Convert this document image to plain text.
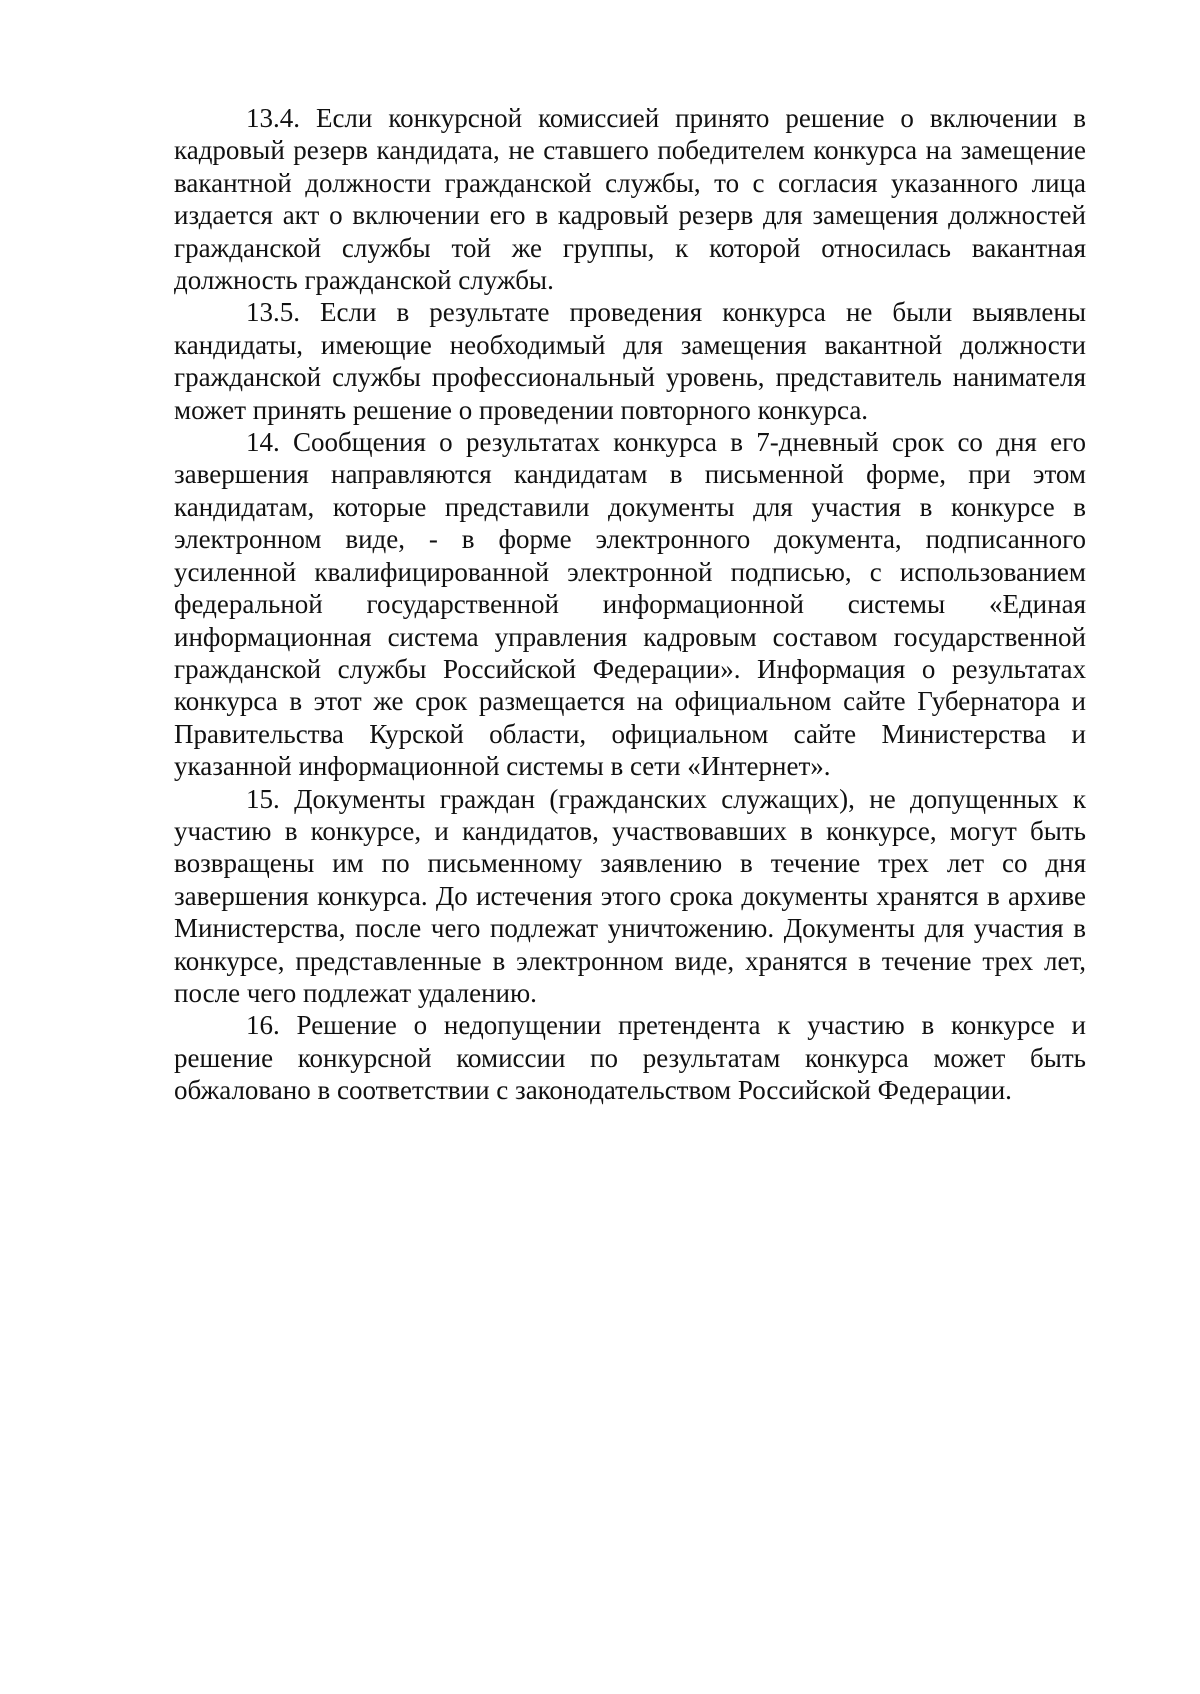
13.4. Если конкурсной комиссией принято решение о включении в кадровый резерв кандидата, не ставшего победителем конкурса на замещение вакантной должности гражданской службы, то с согласия указанного лица издается акт о включении его в кадровый резерв для замещения должностей гражданской службы той же группы, к которой относилась вакантная должность гражданской службы.

13.5. Если в результате проведения конкурса не были выявлены кандидаты, имеющие необходимый для замещения вакантной должности гражданской службы профессиональный уровень, представитель нанимателя может принять решение о проведении повторного конкурса.

14. Сообщения о результатах конкурса в 7-дневный срок со дня его завершения направляются кандидатам в письменной форме, при этом кандидатам, которые представили документы для участия в конкурсе в электронном виде, - в форме электронного документа, подписанного усиленной квалифицированной электронной подписью, с использованием федеральной государственной информационной системы «Единая информационная система управления кадровым составом государственной гражданской службы Российской Федерации». Информация о результатах конкурса в этот же срок размещается на официальном сайте Губернатора и Правительства Курской области, официальном сайте Министерства и указанной информационной системы в сети «Интернет».

15. Документы граждан (гражданских служащих), не допущенных к участию в конкурсе, и кандидатов, участвовавших в конкурсе, могут быть возвращены им по письменному заявлению в течение трех лет со дня завершения конкурса. До истечения этого срока документы хранятся в архиве Министерства, после чего подлежат уничтожению. Документы для участия в конкурсе, представленные в электронном виде, хранятся в течение трех лет, после чего подлежат удалению.

16. Решение о недопущении претендента к участию в конкурсе и решение конкурсной комиссии по результатам конкурса может быть обжаловано в соответствии с законодательством Российской Федерации.
